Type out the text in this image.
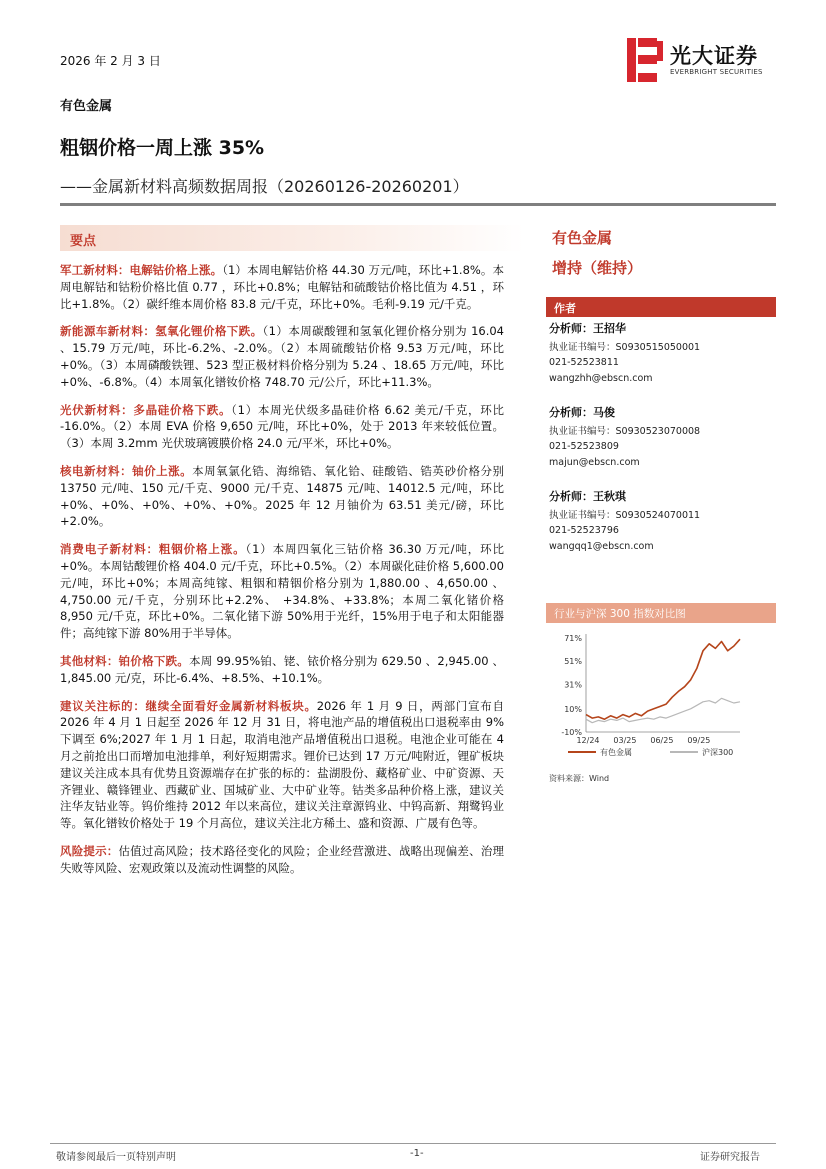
2026 年 2 月 3 日	光大证券
EVERBRIGHT SECURITIES
有色金属
粗铟价格一周上涨 35%
——金属新材料高频数据周报（20260126-20260201）
要点
军工新材料：电解钴价格上涨。（1）本周电解钴价格 44.30 万元/吨，环比+1.8%。本周电解钴和钴粉价格比值 0.77 ，环比+0.8%；电解钴和硫酸钴价格比值为 4.51 ，环比+1.8%。（2）碳纤维本周价格 83.8 元/千克，环比+0%。毛利-9.19 元/千克。
新能源车新材料：氢氧化锂价格下跌。（1）本周碳酸锂和氢氧化锂价格分别为 16.04 、15.79 万元/吨，环比-6.2%、-2.0%。（2）本周硫酸钴价格 9.53 万元/吨，环比+0%。（3）本周磷酸铁锂、523 型正极材料价格分别为 5.24 、18.65 万元/吨，环比+0%、-6.8%。（4）本周氧化镨钕价格 748.70 元/公斤，环比+11.3%。
光伏新材料：多晶硅价格下跌。（1）本周光伏级多晶硅价格 6.62 美元/千克，环比 -16.0%。（2）本周 EVA 价格 9,650 元/吨，环比+0%，处于 2013 年来较低位置。（3）本周 3.2mm 光伏玻璃镀膜价格 24.0 元/平米，环比+0%。
核电新材料：铀价上涨。本周氧氯化锆、海绵锆、氧化铪、硅酸锆、锆英砂价格分别 13750 元/吨、150 元/千克、9000 元/千克、14875 元/吨、14012.5 元/吨，环比+0%、+0%、+0%、+0%、+0%。2025 年 12 月铀价为 63.51 美元/磅，环比+2.0%。
消费电子新材料：粗铟价格上涨。（1）本周四氧化三钴价格 36.30 万元/吨，环比+0%。本周钴酸锂价格 404.0 元/千克，环比+0.5%。（2）本周碳化硅价格 5,600.00 元/吨，环比+0%；本周高纯镓、粗铟和精铟价格分别为 1,880.00 、4,650.00 、4,750.00 元/千克，分别环比+2.2%、 +34.8%、+33.8%；本周二氧化锗价格 8,950 元/千克，环比+0%。二氧化锗下游 50%用于光纤，15%用于电子和太阳能器件；高纯镓下游 80%用于半导体。
其他材料：铂价格下跌。本周 99.95%铂、铑、铱价格分别为 629.50 、2,945.00 、1,845.00 元/克，环比-6.4%、+8.5%、+10.1%。
建议关注标的：继续全面看好金属新材料板块。2026 年 1 月 9 日，两部门宣布自 2026 年 4 月 1 日起至 2026 年 12 月 31 日，将电池产品的增值税出口退税率由 9%下调至 6%;2027 年 1 月 1 日起，取消电池产品增值税出口退税。电池企业可能在 4 月之前抢出口而增加电池排单，利好短期需求。锂价已达到 17 万元/吨附近，锂矿板块建议关注成本具有优势且资源端存在扩张的标的：盐湖股份、藏格矿业、中矿资源、天齐锂业、赣锋锂业、西藏矿业、国城矿业、大中矿业等。钴类多品种价格上涨，建议关注华友钴业等。钨价维持 2012 年以来高位，建议关注章源钨业、中钨高新、翔鹭钨业等。氧化镨钕价格处于 19 个月高位，建议关注北方稀土、盛和资源、广晟有色等。
风险提示：估值过高风险；技术路径变化的风险；企业经营激进、战略出现偏差、治理失败等风险、宏观政策以及流动性调整的风险。
有色金属
增持（维持）
作者
分析师：王招华
执业证书编号：S0930515050001
021-52523811
wangzhh@ebscn.com
分析师：马俊
执业证书编号：S0930523070008
021-52523809
majun@ebscn.com
分析师：王秋琪
执业证书编号：S0930524070011
021-52523796
wangqq1@ebscn.com
行业与沪深 300 指数对比图
71%
51%
31%
10%
-10%
12/24 03/25 06/25 09/25
有色金属	沪深300
资料来源：Wind
敬请参阅最后一页特别声明	-1-	证券研究报告
